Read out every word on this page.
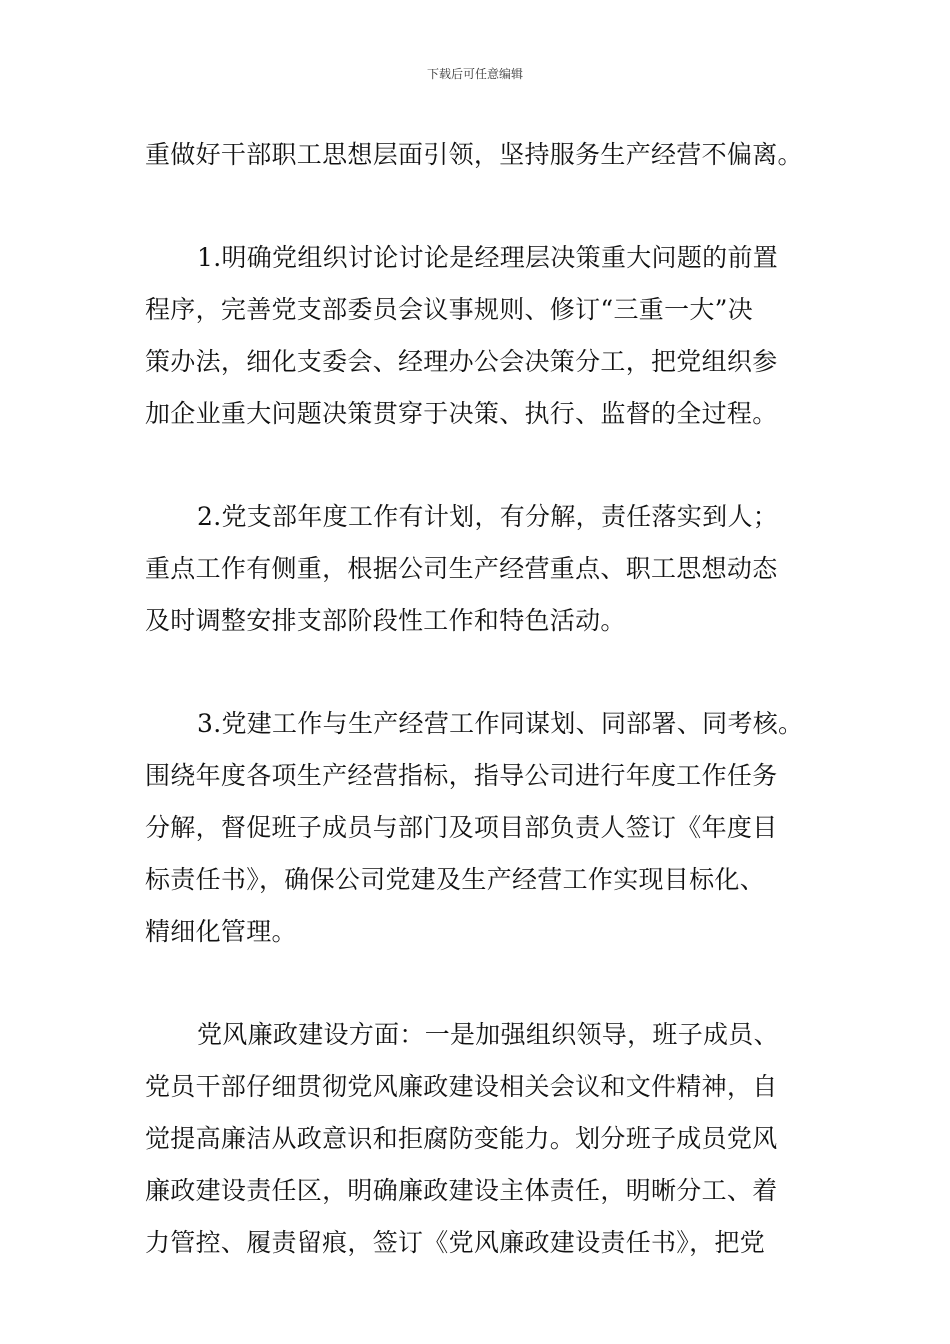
下载后可任意编辑
重做好干部职工思想层面引领，坚持服务生产经营不偏离。
1.明确党组织讨论讨论是经理层决策重大问题的前置
程序，完善党支部委员会议事规则、修订“三重一大”决
策办法，细化支委会、经理办公会决策分工，把党组织参
加企业重大问题决策贯穿于决策、执行、监督的全过程。
2.党支部年度工作有计划，有分解，责任落实到人；
重点工作有侧重，根据公司生产经营重点、职工思想动态
及时调整安排支部阶段性工作和特色活动。
3.党建工作与生产经营工作同谋划、同部署、同考核。
围绕年度各项生产经营指标，指导公司进行年度工作任务
分解，督促班子成员与部门及项目部负责人签订《年度目
标责任书》，确保公司党建及生产经营工作实现目标化、
精细化管理。
党风廉政建设方面：一是加强组织领导，班子成员、
党员干部仔细贯彻党风廉政建设相关会议和文件精神，自
觉提高廉洁从政意识和拒腐防变能力。划分班子成员党风
廉政建设责任区，明确廉政建设主体责任，明晰分工、着
力管控、履责留痕，签订《党风廉政建设责任书》，把党
